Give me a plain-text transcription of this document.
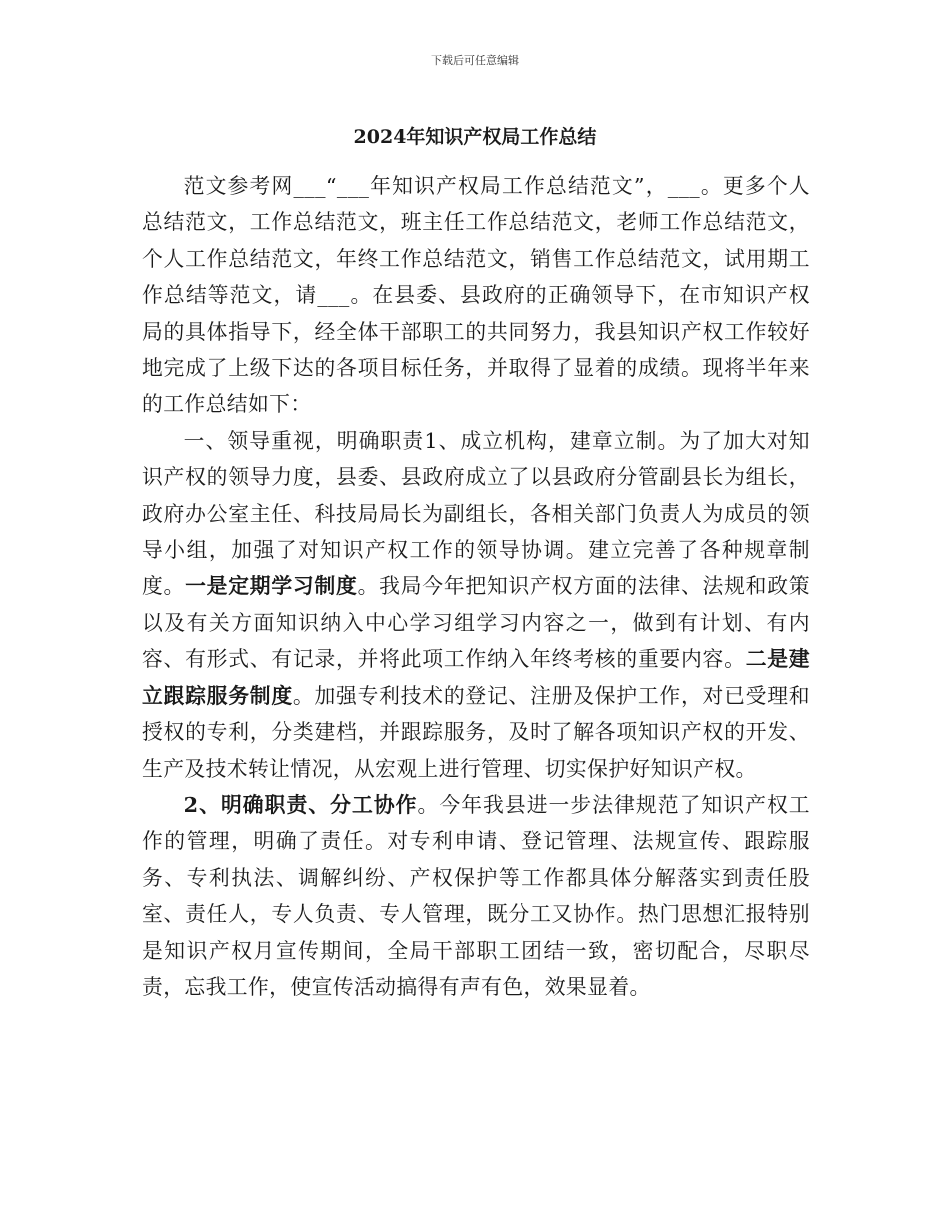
下载后可任意编辑
2024年知识产权局工作总结

范文参考网___“___年知识产权局工作总结范文”，___。更多个人总结范文，工作总结范文，班主任工作总结范文，老师工作总结范文，个人工作总结范文，年终工作总结范文，销售工作总结范文，试用期工作总结等范文，请___。在县委、县政府的正确领导下，在市知识产权局的具体指导下，经全体干部职工的共同努力，我县知识产权工作较好地完成了上级下达的各项目标任务，并取得了显着的成绩。现将半年来的工作总结如下：

一、领导重视，明确职责1、成立机构，建章立制。为了加大对知识产权的领导力度，县委、县政府成立了以县政府分管副县长为组长，政府办公室主任、科技局局长为副组长，各相关部门负责人为成员的领导小组，加强了对知识产权工作的领导协调。建立完善了各种规章制度。一是定期学习制度。我局今年把知识产权方面的法律、法规和政策以及有关方面知识纳入中心学习组学习内容之一，做到有计划、有内容、有形式、有记录，并将此项工作纳入年终考核的重要内容。二是建立跟踪服务制度。加强专利技术的登记、注册及保护工作，对已受理和授权的专利，分类建档，并跟踪服务，及时了解各项知识产权的开发、生产及技术转让情况，从宏观上进行管理、切实保护好知识产权。

2、明确职责、分工协作。今年我县进一步法律规范了知识产权工作的管理，明确了责任。对专利申请、登记管理、法规宣传、跟踪服务、专利执法、调解纠纷、产权保护等工作都具体分解落实到责任股室、责任人，专人负责、专人管理，既分工又协作。热门思想汇报特别是知识产权月宣传期间，全局干部职工团结一致，密切配合，尽职尽责，忘我工作，使宣传活动搞得有声有色，效果显着。
